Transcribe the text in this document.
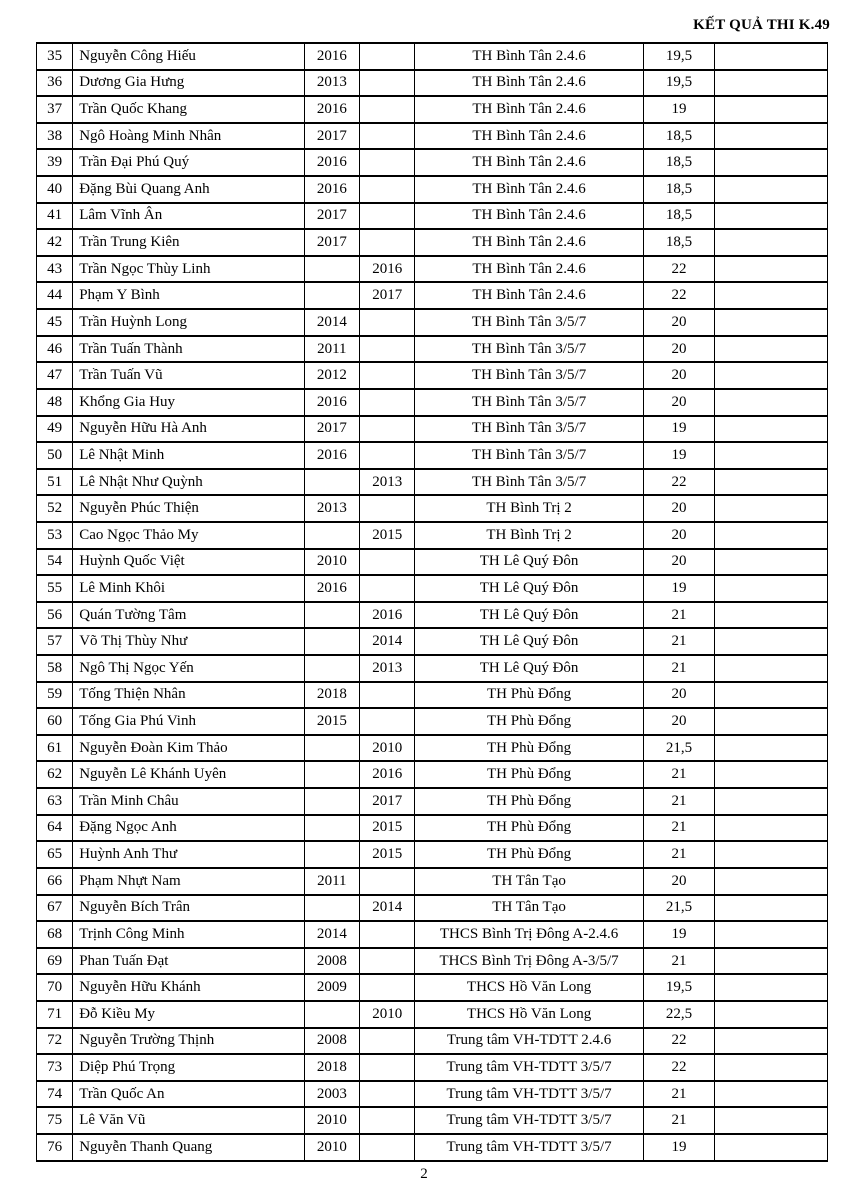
KẾT QUẢ THI K.49
35	Nguyễn Công Hiếu	2016		TH Bình Tân 2.4.6	19,5	
36	Dương Gia Hưng	2013		TH Bình Tân 2.4.6	19,5	
37	Trần Quốc Khang	2016		TH Bình Tân 2.4.6	19	
38	Ngô Hoàng Minh Nhân	2017		TH Bình Tân 2.4.6	18,5	
39	Trần Đại Phú Quý	2016		TH Bình Tân 2.4.6	18,5	
40	Đặng Bùi Quang Anh	2016		TH Bình Tân 2.4.6	18,5	
41	Lâm Vĩnh Ân	2017		TH Bình Tân 2.4.6	18,5	
42	Trần Trung Kiên	2017		TH Bình Tân 2.4.6	18,5	
43	Trần Ngọc Thùy Linh		2016	TH Bình Tân 2.4.6	22	
44	Phạm Y Bình		2017	TH Bình Tân 2.4.6	22	
45	Trần Huỳnh Long	2014		TH Bình Tân 3/5/7	20	
46	Trần Tuấn Thành	2011		TH Bình Tân 3/5/7	20	
47	Trần Tuấn Vũ	2012		TH Bình Tân 3/5/7	20	
48	Khổng Gia Huy	2016		TH Bình Tân 3/5/7	20	
49	Nguyễn Hữu Hà Anh	2017		TH Bình Tân 3/5/7	19	
50	Lê Nhật Minh	2016		TH Bình Tân 3/5/7	19	
51	Lê Nhật Như Quỳnh		2013	TH Bình Tân 3/5/7	22	
52	Nguyễn Phúc Thiện	2013		TH Bình Trị 2	20	
53	Cao Ngọc Thảo My		2015	TH Bình Trị 2	20	
54	Huỳnh Quốc Việt	2010		TH Lê Quý Đôn	20	
55	Lê Minh Khôi	2016		TH Lê Quý Đôn	19	
56	Quán Tường Tâm		2016	TH Lê Quý Đôn	21	
57	Võ Thị Thùy Như		2014	TH Lê Quý Đôn	21	
58	Ngô Thị Ngọc Yến		2013	TH Lê Quý Đôn	21	
59	Tống Thiện Nhân	2018		TH Phù Đổng	20	
60	Tống Gia Phú Vinh	2015		TH Phù Đổng	20	
61	Nguyễn Đoàn Kim Thảo		2010	TH Phù Đổng	21,5	
62	Nguyễn Lê Khánh Uyên		2016	TH Phù Đổng	21	
63	Trần Minh Châu		2017	TH Phù Đổng	21	
64	Đặng Ngọc Anh		2015	TH Phù Đổng	21	
65	Huỳnh Anh Thư		2015	TH Phù Đổng	21	
66	Phạm Nhựt Nam	2011		TH Tân Tạo	20	
67	Nguyễn Bích Trân		2014	TH Tân Tạo	21,5	
68	Trịnh Công Minh	2014		THCS Bình Trị Đông A-2.4.6	19	
69	Phan Tuấn Đạt	2008		THCS Bình Trị Đông A-3/5/7	21	
70	Nguyễn Hữu Khánh	2009		THCS Hồ Văn Long	19,5	
71	Đỗ Kiều My		2010	THCS Hồ Văn Long	22,5	
72	Nguyễn Trường Thịnh	2008		Trung tâm VH-TDTT 2.4.6	22	
73	Diệp Phú Trọng	2018		Trung tâm VH-TDTT 3/5/7	22	
74	Trần Quốc An	2003		Trung tâm VH-TDTT 3/5/7	21	
75	Lê Văn Vũ	2010		Trung tâm VH-TDTT 3/5/7	21	
76	Nguyễn Thanh Quang	2010		Trung tâm VH-TDTT 3/5/7	19	
2
